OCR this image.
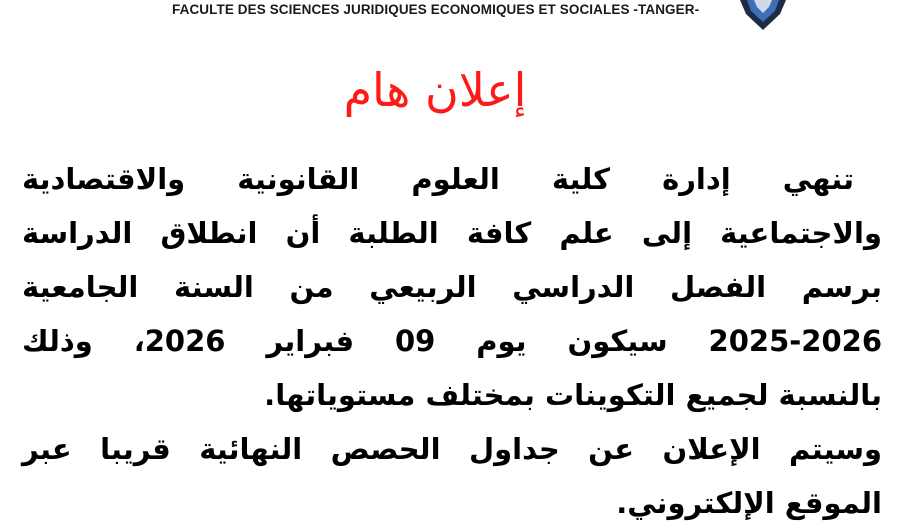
FACULTE DES SCIENCES JURIDIQUES ECONOMIQUES ET SOCIALES -TANGER-
إعلان هام
تنهي إدارة كلية العلوم القانونية والاقتصادية
والاجتماعية إلى علم كافة الطلبة أن انطلاق الدراسة
برسم الفصل الدراسي الربيعي من السنة الجامعية
2025-2026 سيكون يوم 09 فبراير 2026، وذلك
بالنسبة لجميع التكوينات بمختلف مستوياتها.
وسيتم الإعلان عن جداول الحصص النهائية قريبا عبر
الموقع الإلكتروني.
